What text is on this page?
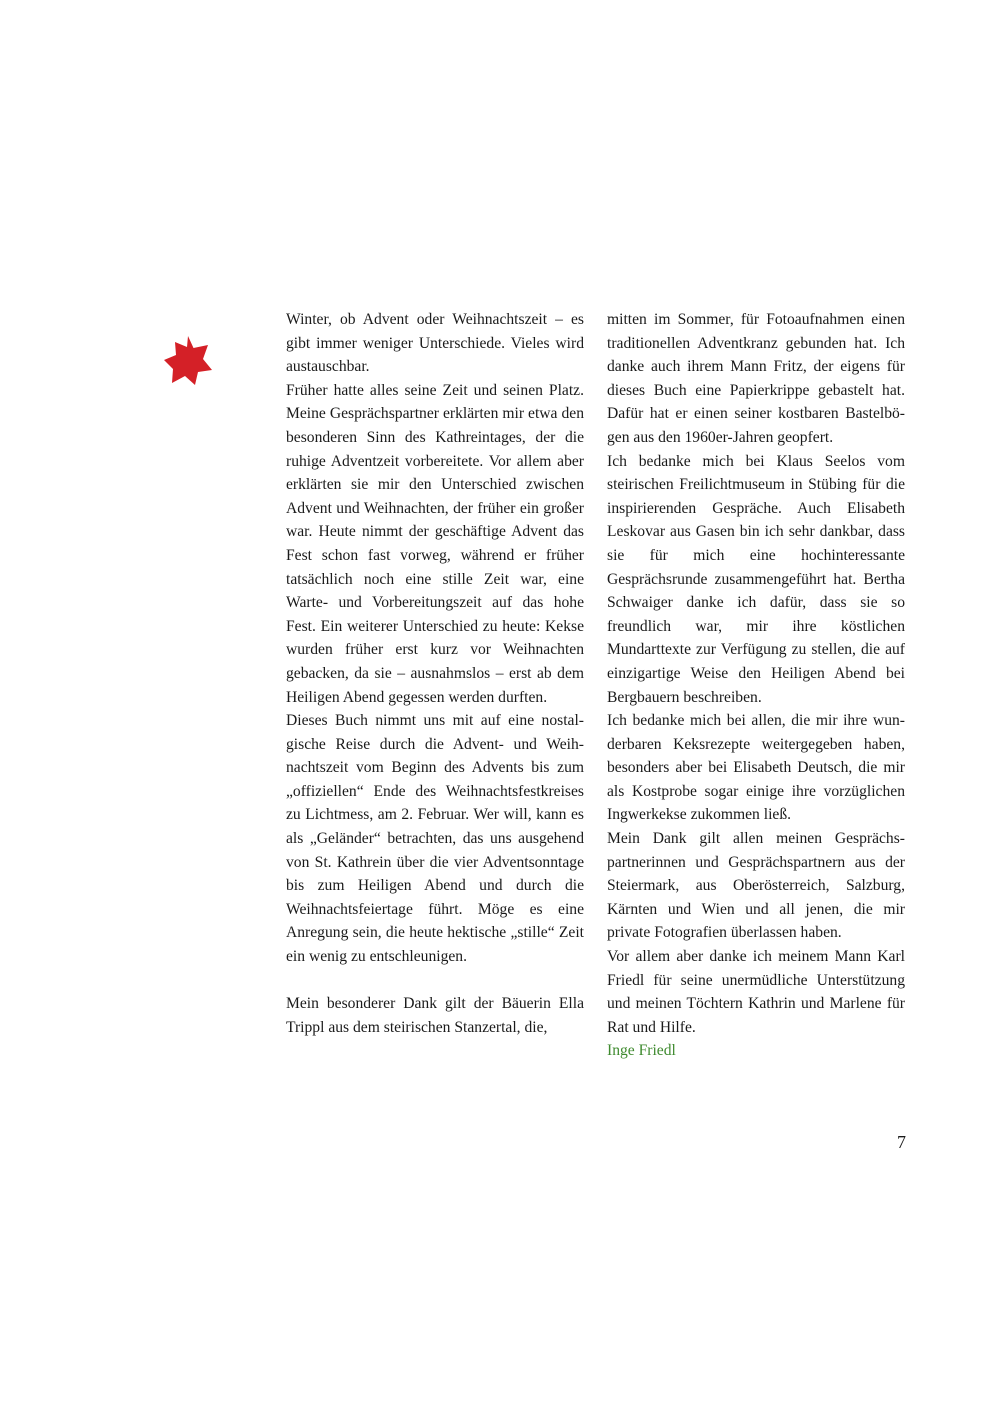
Winter, ob Advent oder Weihnachtszeit – es gibt immer weniger Unterschiede. Vieles wird austauschbar.

Früher hatte alles seine Zeit und seinen Platz. Meine Gesprächspartner erklärten mir etwa den besonderen Sinn des Kathreintages, der die ruhige Adventzeit vorbereitete. Vor allem aber erklärten sie mir den Unterschied zwischen Advent und Weihnachten, der früher ein großer war. Heute nimmt der geschäftige Advent das Fest schon fast vorweg, während er früher tatsächlich noch eine stille Zeit war, eine Warte- und Vorbereitungszeit auf das hohe Fest. Ein weiterer Unterschied zu heute: Kekse wurden früher erst kurz vor Weihnachten gebacken, da sie – ausnahmslos – erst ab dem Heiligen Abend gegessen werden durften.

Dieses Buch nimmt uns mit auf eine nostalgische Reise durch die Advent- und Weihnachtszeit vom Beginn des Advents bis zum „offiziellen“ Ende des Weihnachtsfestkreises zu Lichtmess, am 2. Februar. Wer will, kann es als „Geländer“ betrachten, das uns ausgehend von St. Kathrein über die vier Adventsonntage bis zum Heiligen Abend und durch die Weihnachtsfeiertage führt. Möge es eine Anregung sein, die heute hektische „stille“ Zeit ein wenig zu entschleunigen.

Mein besonderer Dank gilt der Bäuerin Ella Trippl aus dem steirischen Stanzertal, die,

mitten im Sommer, für Fotoaufnahmen einen traditionellen Adventkranz gebunden hat. Ich danke auch ihrem Mann Fritz, der eigens für dieses Buch eine Papierkrippe gebastelt hat. Dafür hat er einen seiner kostbaren Bastelbögen aus den 1960er-Jahren geopfert.

Ich bedanke mich bei Klaus Seelos vom steirischen Freilichtmuseum in Stübing für die inspirierenden Gespräche. Auch Elisabeth Leskovar aus Gasen bin ich sehr dankbar, dass sie für mich eine hochinteressante Gesprächsrunde zusammengeführt hat. Bertha Schwaiger danke ich dafür, dass sie so freundlich war, mir ihre köstlichen Mundarttexte zur Verfügung zu stellen, die auf einzigartige Weise den Heiligen Abend bei Bergbauern beschreiben.

Ich bedanke mich bei allen, die mir ihre wunderbaren Keksrezepte weitergegeben haben, besonders aber bei Elisabeth Deutsch, die mir als Kostprobe sogar einige ihre vorzüglichen Ingwerkekse zukommen ließ.

Mein Dank gilt allen meinen Gesprächspartnerinnen und Gesprächspartnern aus der Steiermark, aus Oberösterreich, Salzburg, Kärnten und Wien und all jenen, die mir private Fotografien überlassen haben.

Vor allem aber danke ich meinem Mann Karl Friedl für seine unermüdliche Unterstützung und meinen Töchtern Kathrin und Marlene für Rat und Hilfe.

Inge Friedl

7
